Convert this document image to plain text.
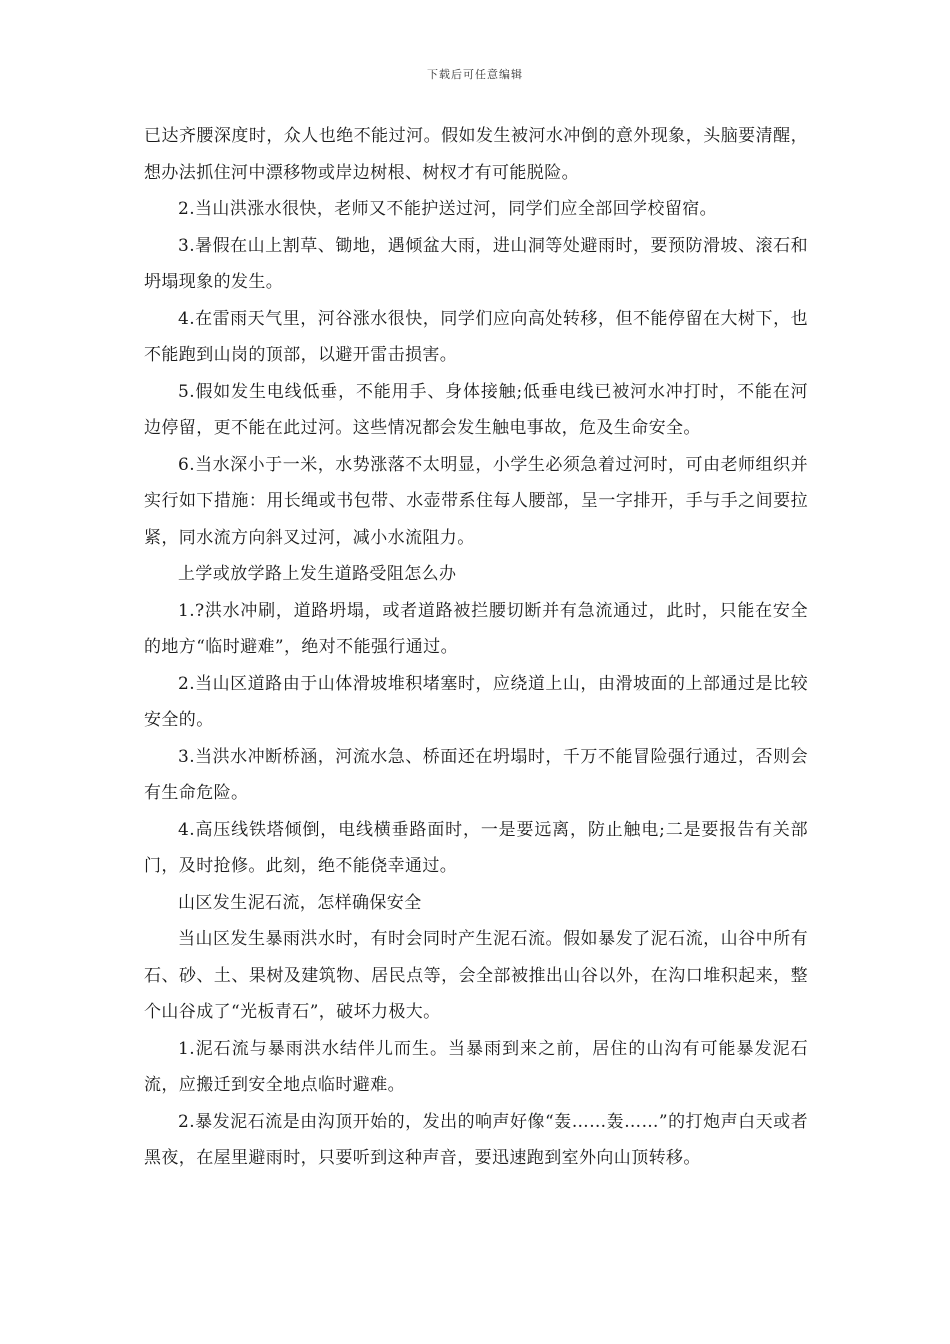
下载后可任意编辑

已达齐腰深度时，众人也绝不能过河。假如发生被河水冲倒的意外现象，头脑要清醒，想办法抓住河中漂移物或岸边树根、树杈才有可能脱险。

2.当山洪涨水很快，老师又不能护送过河，同学们应全部回学校留宿。

3.暑假在山上割草、锄地，遇倾盆大雨，进山洞等处避雨时，要预防滑坡、滚石和坍塌现象的发生。

4.在雷雨天气里，河谷涨水很快，同学们应向高处转移，但不能停留在大树下，也不能跑到山岗的顶部，以避开雷击损害。

5.假如发生电线低垂，不能用手、身体接触;低垂电线已被河水冲打时，不能在河边停留，更不能在此过河。这些情况都会发生触电事故，危及生命安全。

6.当水深小于一米，水势涨落不太明显，小学生必须急着过河时，可由老师组织并实行如下措施：用长绳或书包带、水壶带系住每人腰部，呈一字排开，手与手之间要拉紧，同水流方向斜叉过河，减小水流阻力。

上学或放学路上发生道路受阻怎么办

1.?洪水冲刷，道路坍塌，或者道路被拦腰切断并有急流通过，此时，只能在安全的地方“临时避难”，绝对不能强行通过。

2.当山区道路由于山体滑坡堆积堵塞时，应绕道上山，由滑坡面的上部通过是比较安全的。

3.当洪水冲断桥涵，河流水急、桥面还在坍塌时，千万不能冒险强行通过，否则会有生命危险。

4.高压线铁塔倾倒，电线横垂路面时，一是要远离，防止触电;二是要报告有关部门，及时抢修。此刻，绝不能侥幸通过。

山区发生泥石流，怎样确保安全

当山区发生暴雨洪水时，有时会同时产生泥石流。假如暴发了泥石流，山谷中所有石、砂、土、果树及建筑物、居民点等，会全部被推出山谷以外，在沟口堆积起来，整个山谷成了“光板青石”，破坏力极大。

1.泥石流与暴雨洪水结伴儿而生。当暴雨到来之前，居住的山沟有可能暴发泥石流，应搬迁到安全地点临时避难。

2.暴发泥石流是由沟顶开始的，发出的响声好像“轰……轰……”的打炮声白天或者黑夜，在屋里避雨时，只要听到这种声音，要迅速跑到室外向山顶转移。
